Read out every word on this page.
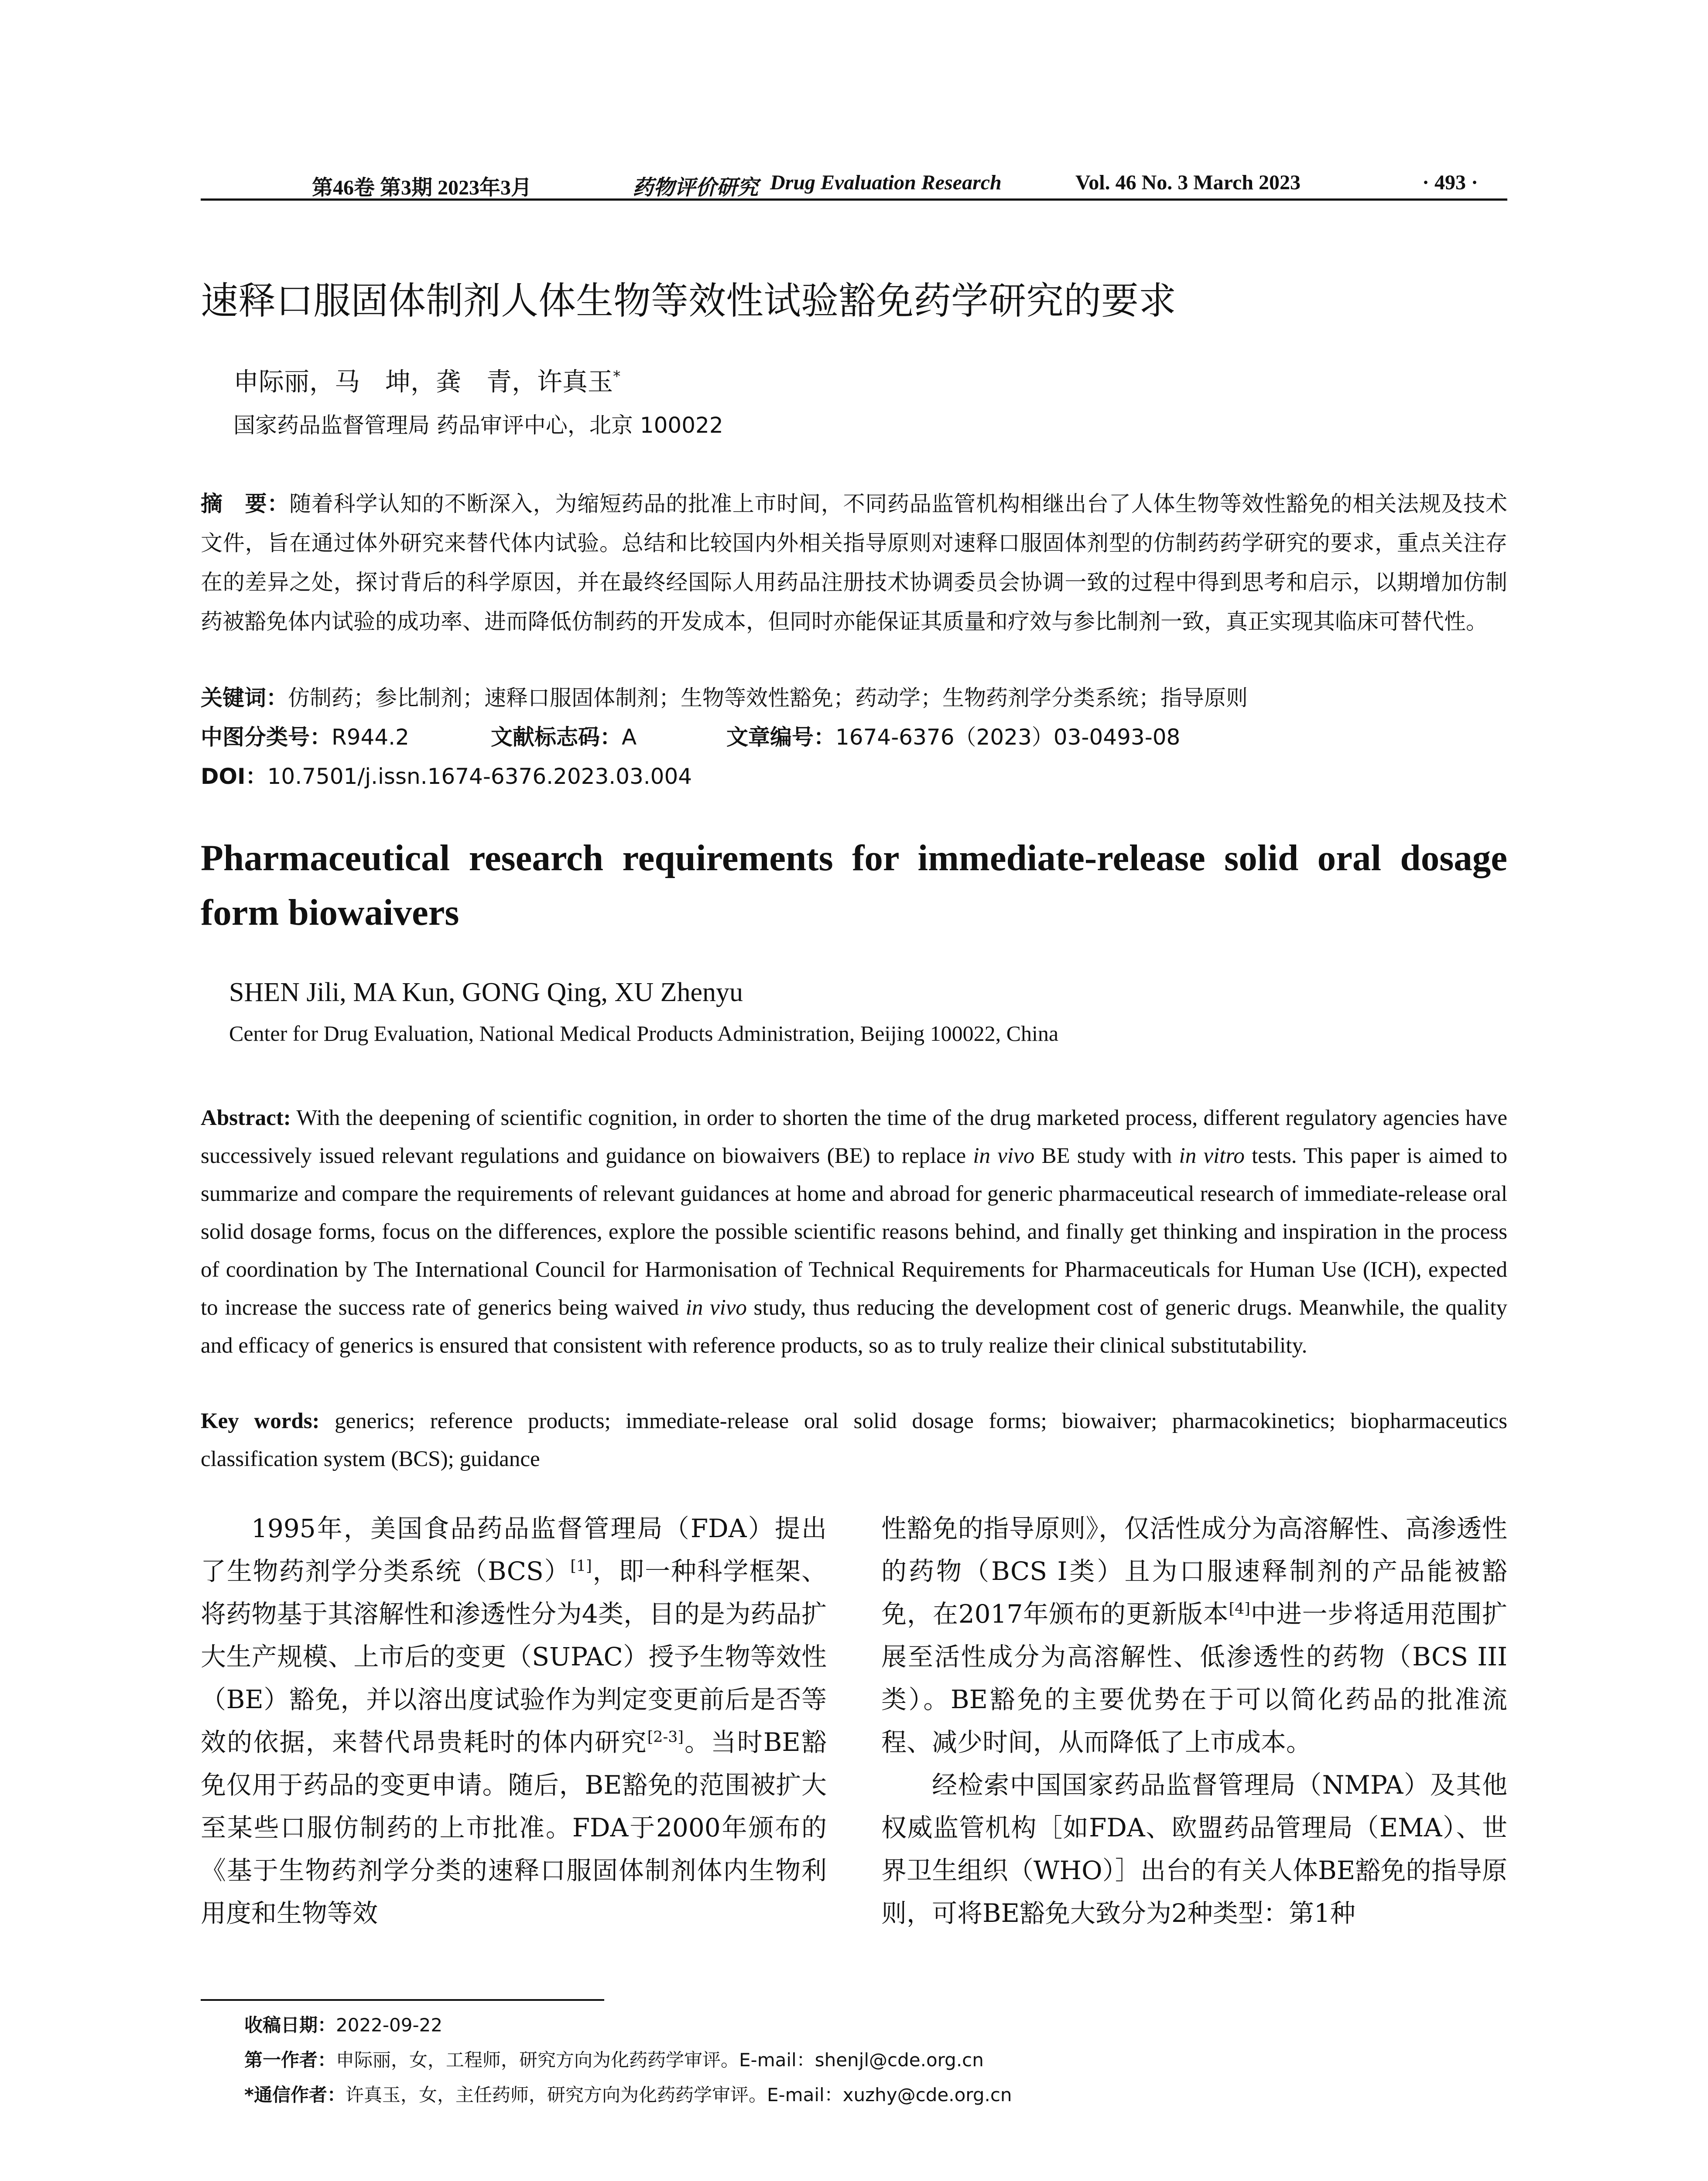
第46卷 第3期 2023年3月	药物评价研究 Drug Evaluation Research	Vol. 46 No. 3 March 2023	· 493 ·
速释口服固体制剂人体生物等效性试验豁免药学研究的要求
申际丽，马　坤，龚　青，许真玉*
国家药品监督管理局 药品审评中心，北京 100022
摘　要：随着科学认知的不断深入，为缩短药品的批准上市时间，不同药品监管机构相继出台了人体生物等效性豁免的相关法规及技术文件，旨在通过体外研究来替代体内试验。总结和比较国内外相关指导原则对速释口服固体剂型的仿制药药学研究的要求，重点关注存在的差异之处，探讨背后的科学原因，并在最终经国际人用药品注册技术协调委员会协调一致的过程中得到思考和启示，以期增加仿制药被豁免体内试验的成功率、进而降低仿制药的开发成本，但同时亦能保证其质量和疗效与参比制剂一致，真正实现其临床可替代性。
关键词：仿制药；参比制剂；速释口服固体制剂；生物等效性豁免；药动学；生物药剂学分类系统；指导原则
中图分类号：R944.2	文献标志码：A	文章编号：1674-6376（2023）03-0493-08
DOI：10.7501/j.issn.1674-6376.2023.03.004
Pharmaceutical research requirements for immediate-release solid oral dosage form biowaivers
SHEN Jili, MA Kun, GONG Qing, XU Zhenyu
Center for Drug Evaluation, National Medical Products Administration, Beijing 100022, China
Abstract: With the deepening of scientific cognition, in order to shorten the time of the drug marketed process, different regulatory agencies have successively issued relevant regulations and guidance on biowaivers (BE) to replace in vivo BE study with in vitro tests. This paper is aimed to summarize and compare the requirements of relevant guidances at home and abroad for generic pharmaceutical research of immediate-release oral solid dosage forms, focus on the differences, explore the possible scientific reasons behind, and finally get thinking and inspiration in the process of coordination by The International Council for Harmonisation of Technical Requirements for Pharmaceuticals for Human Use (ICH), expected to increase the success rate of generics being waived in vivo study, thus reducing the development cost of generic drugs. Meanwhile, the quality and efficacy of generics is ensured that consistent with reference products, so as to truly realize their clinical substitutability.
Key words: generics; reference products; immediate-release oral solid dosage forms; biowaiver; pharmacokinetics; biopharmaceutics classification system (BCS); guidance
1995年，美国食品药品监督管理局（FDA）提出了生物药剂学分类系统（BCS）[1]，即一种科学框架、将药物基于其溶解性和渗透性分为4类，目的是为药品扩大生产规模、上市后的变更（SUPAC）授予生物等效性（BE）豁免，并以溶出度试验作为判定变更前后是否等效的依据，来替代昂贵耗时的体内研究[2-3]。当时BE豁免仅用于药品的变更申请。随后，BE豁免的范围被扩大至某些口服仿制药的上市批准。FDA于2000年颁布的《基于生物药剂学分类的速释口服固体制剂体内生物利用度和生物等效
性豁免的指导原则》，仅活性成分为高溶解性、高渗透性的药物（BCS I类）且为口服速释制剂的产品能被豁免，在2017年颁布的更新版本[4]中进一步将适用范围扩展至活性成分为高溶解性、低渗透性的药物（BCS III类）。BE豁免的主要优势在于可以简化药品的批准流程、减少时间，从而降低了上市成本。
经检索中国国家药品监督管理局（NMPA）及其他权威监管机构［如FDA、欧盟药品管理局（EMA）、世界卫生组织（WHO）］出台的有关人体BE豁免的指导原则，可将BE豁免大致分为2种类型：第1种
收稿日期：2022-09-22
第一作者：申际丽，女，工程师，研究方向为化药药学审评。E-mail：shenjl@cde.org.cn
*通信作者：许真玉，女，主任药师，研究方向为化药药学审评。E-mail：xuzhy@cde.org.cn
